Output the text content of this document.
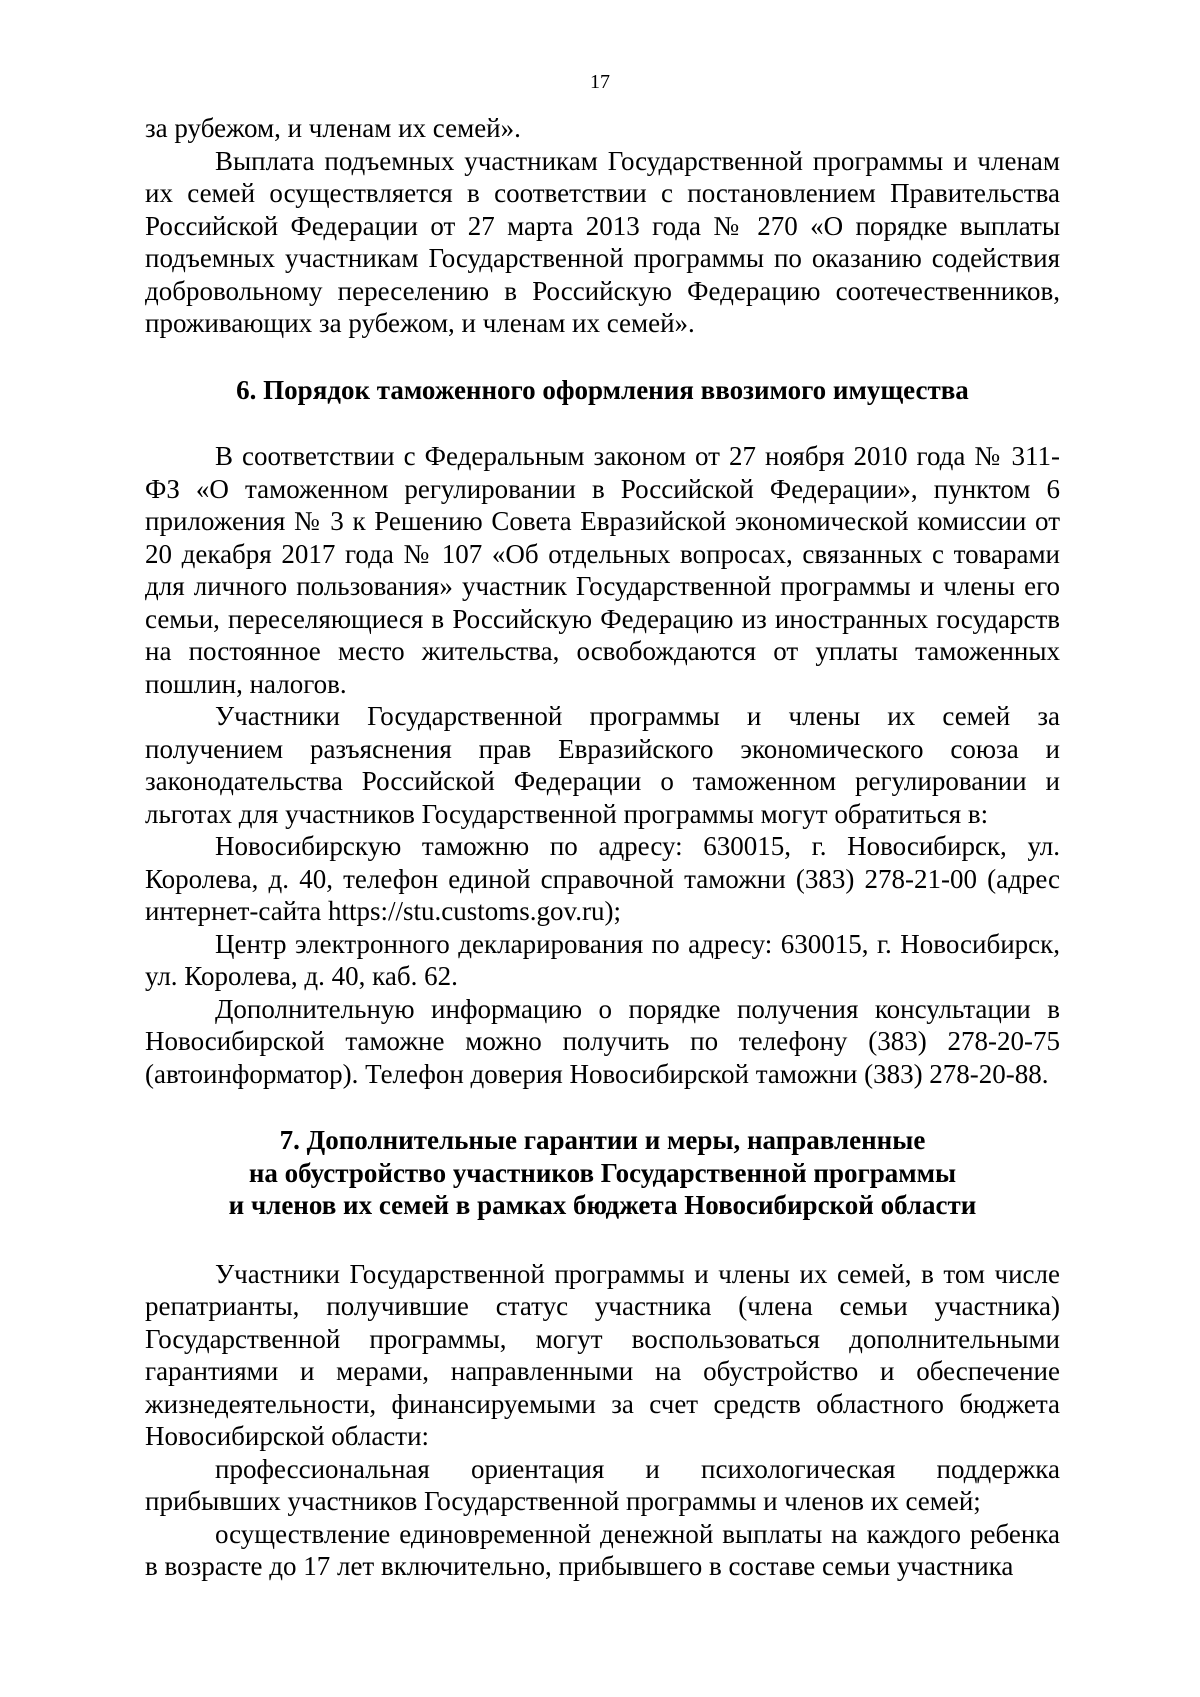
17

за рубежом, и членам их семей».

Выплата подъемных участникам Государственной программы и членам их семей осуществляется в соответствии с постановлением Правительства Российской Федерации от 27 марта 2013 года № 270 «О порядке выплаты подъемных участникам Государственной программы по оказанию содействия добровольному переселению в Российскую Федерацию соотечественников, проживающих за рубежом, и членам их семей».

6. Порядок таможенного оформления ввозимого имущества

В соответствии с Федеральным законом от 27 ноября 2010 года № 311-ФЗ «О таможенном регулировании в Российской Федерации», пунктом 6 приложения № 3 к Решению Совета Евразийской экономической комиссии от 20 декабря 2017 года № 107 «Об отдельных вопросах, связанных с товарами для личного пользования» участник Государственной программы и члены его семьи, переселяющиеся в Российскую Федерацию из иностранных государств на постоянное место жительства, освобождаются от уплаты таможенных пошлин, налогов.

Участники Государственной программы и члены их семей за получением разъяснения прав Евразийского экономического союза и законодательства Российской Федерации о таможенном регулировании и льготах для участников Государственной программы могут обратиться в:

Новосибирскую таможню по адресу: 630015, г. Новосибирск, ул. Королева, д. 40, телефон единой справочной таможни (383) 278-21-00 (адрес интернет-сайта https://stu.customs.gov.ru);

Центр электронного декларирования по адресу: 630015, г. Новосибирск, ул. Королева, д. 40, каб. 62.

Дополнительную информацию о порядке получения консультации в Новосибирской таможне можно получить по телефону (383) 278-20-75 (автоинформатор). Телефон доверия Новосибирской таможни (383) 278-20-88.

7. Дополнительные гарантии и меры, направленные
на обустройство участников Государственной программы
и членов их семей в рамках бюджета Новосибирской области

Участники Государственной программы и члены их семей, в том числе репатрианты, получившие статус участника (члена семьи участника) Государственной программы, могут воспользоваться дополнительными гарантиями и мерами, направленными на обустройство и обеспечение жизнедеятельности, финансируемыми за счет средств областного бюджета Новосибирской области:

профессиональная ориентация и психологическая поддержка прибывших участников Государственной программы и членов их семей;

осуществление единовременной денежной выплаты на каждого ребенка в возрасте до 17 лет включительно, прибывшего в составе семьи участника
